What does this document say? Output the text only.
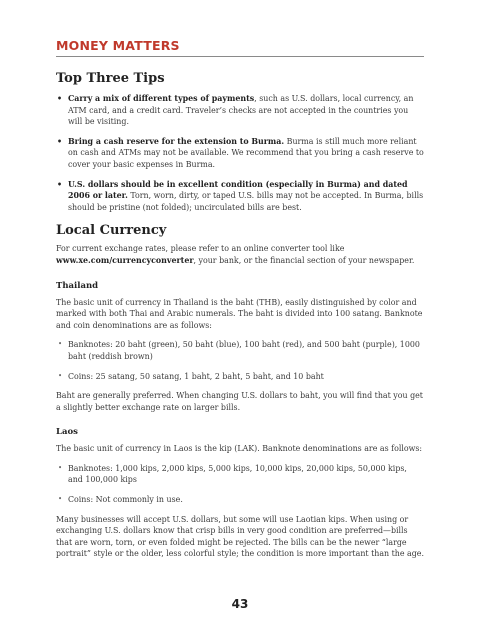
MONEY MATTERS
Top Three Tips
• Carry a mix of different types of payments, such as U.S. dollars, local currency, an ATM card, and a credit card. Traveler’s checks are not accepted in the countries you will be visiting.
• Bring a cash reserve for the extension to Burma. Burma is still much more reliant on cash and ATMs may not be available. We recommend that you bring a cash reserve to cover your basic expenses in Burma.
• U.S. dollars should be in excellent condition (especially in Burma) and dated 2006 or later. Torn, worn, dirty, or taped U.S. bills may not be accepted. In Burma, bills should be pristine (not folded); uncirculated bills are best.
Local Currency

For current exchange rates, please refer to an online converter tool like www.xe.com/currencyconverter, your bank, or the financial section of your newspaper.

Thailand

The basic unit of currency in Thailand is the baht (THB), easily distinguished by color and marked with both Thai and Arabic numerals. The baht is divided into 100 satang. Banknote and coin denominations are as follows:

• Banknotes: 20 baht (green), 50 baht (blue), 100 baht (red), and 500 baht (purple), 1000 baht (reddish brown)
• Coins: 25 satang, 50 satang, 1 baht, 2 baht, 5 baht, and 10 baht

Baht are generally preferred. When changing U.S. dollars to baht, you will find that you get a slightly better exchange rate on larger bills.

Laos

The basic unit of currency in Laos is the kip (LAK). Banknote denominations are as follows:

• Banknotes: 1,000 kips, 2,000 kips, 5,000 kips, 10,000 kips, 20,000 kips, 50,000 kips, and 100,000 kips
• Coins: Not commonly in use.

Many businesses will accept U.S. dollars, but some will use Laotian kips. When using or exchanging U.S. dollars know that crisp bills in very good condition are preferred—bills that are worn, torn, or even folded might be rejected. The bills can be the newer “large portrait” style or the older, less colorful style; the condition is more important than the age.

43
